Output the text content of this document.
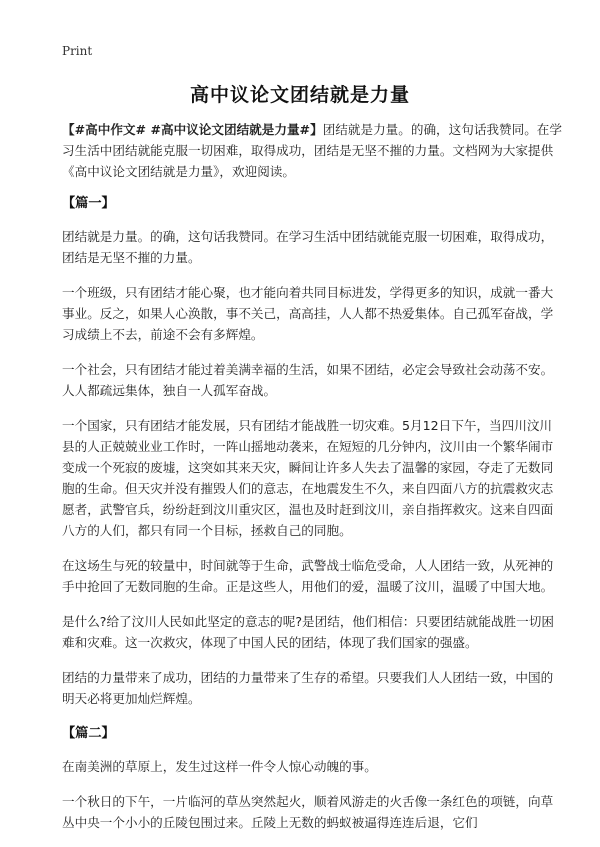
Print
高中议论文团结就是力量

【#高中作文# #高中议论文团结就是力量#】团结就是力量。的确，这句话我赞同。在学习生活中团结就能克服一切困难，取得成功，团结是无坚不摧的力量。文档网为大家提供《高中议论文团结就是力量》，欢迎阅读。

【篇一】

团结就是力量。的确，这句话我赞同。在学习生活中团结就能克服一切困难，取得成功，团结是无坚不摧的力量。

一个班级，只有团结才能心聚，也才能向着共同目标进发，学得更多的知识，成就一番大事业。反之，如果人心涣散，事不关己，高高挂，人人都不热爱集体。自己孤军奋战，学习成绩上不去，前途不会有多辉煌。

一个社会，只有团结才能过着美满幸福的生活，如果不团结，必定会导致社会动荡不安。人人都疏远集体，独自一人孤军奋战。

一个国家，只有团结才能发展，只有团结才能战胜一切灾难。5月12日下午，当四川汶川县的人正兢兢业业工作时，一阵山摇地动袭来，在短短的几分钟内，汶川由一个繁华闹市变成一个死寂的废墟，这突如其来天灾，瞬间让许多人失去了温馨的家园，夺走了无数同胞的生命。但天灾并没有摧毁人们的意志，在地震发生不久，来自四面八方的抗震救灾志愿者，武警官兵，纷纷赶到汶川重灾区，温也及时赶到汶川，亲自指挥救灾。这来自四面八方的人们，都只有同一个目标，拯救自己的同胞。

在这场生与死的较量中，时间就等于生命，武警战士临危受命，人人团结一致，从死神的手中抢回了无数同胞的生命。正是这些人，用他们的爱，温暖了汶川，温暖了中国大地。

是什么?给了汶川人民如此坚定的意志的呢?是团结，他们相信：只要团结就能战胜一切困难和灾难。这一次救灾，体现了中国人民的团结，体现了我们国家的强盛。

团结的力量带来了成功，团结的力量带来了生存的希望。只要我们人人团结一致，中国的明天必将更加灿烂辉煌。

【篇二】

在南美洲的草原上，发生过这样一件令人惊心动魄的事。

一个秋日的下午，一片临河的草丛突然起火，顺着风游走的火舌像一条红色的项链，向草丛中央一个小小的丘陵包围过来。丘陵上无数的蚂蚁被逼得连连后退，它们
